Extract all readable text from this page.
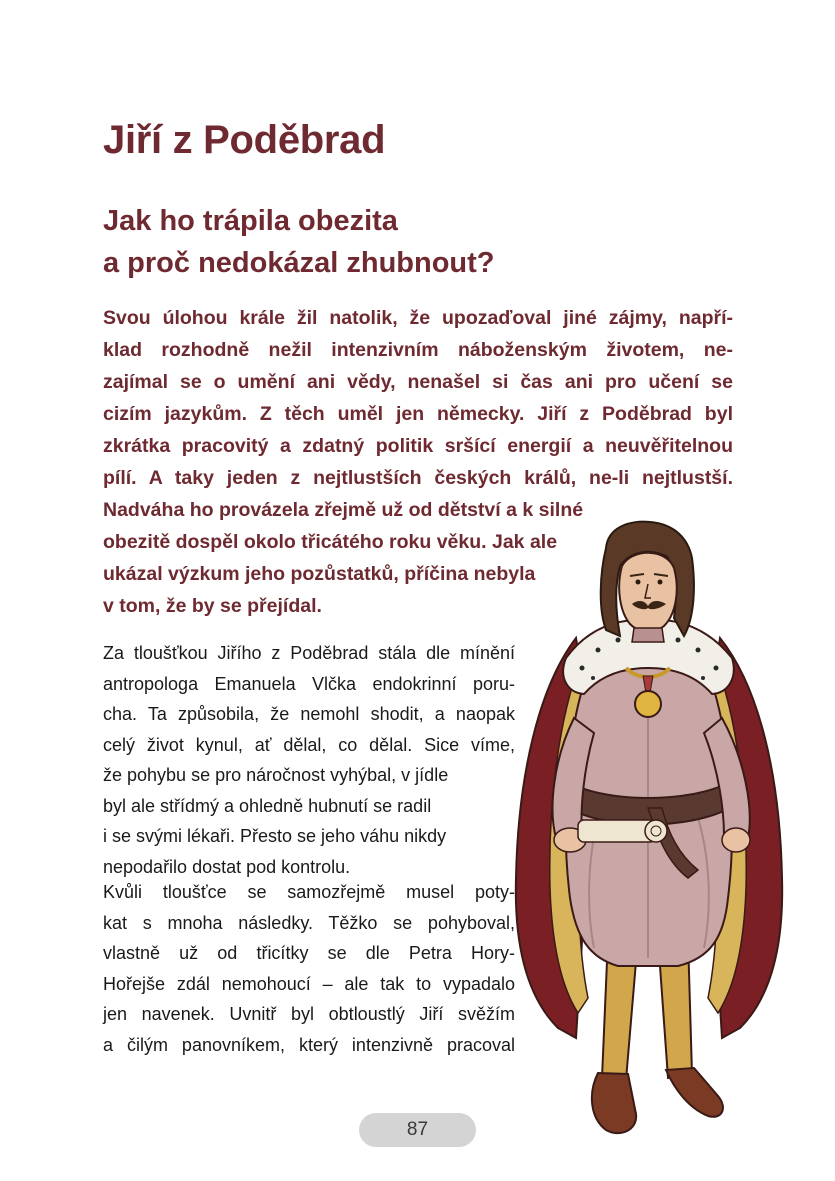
Jiří z Poděbrad
Jak ho trápila obezita
a proč nedokázal zhubnout?
Svou úlohou krále žil natolik, že upozaďoval jiné zájmy, napří-
klad rozhodně nežil intenzivním náboženským životem, ne-
zajímal se o umění ani vědy, nenašel si čas ani pro učení se
cizím jazykům. Z těch uměl jen německy. Jiří z Poděbrad byl
zkrátka pracovitý a zdatný politik sršící energií a neuvěřitelnou
pílí. A taky jeden z nejtlustších českých králů, ne-li nejtlustší.
Nadváha ho provázela zřejmě už od dětství a k silné
obezitě dospěl okolo třicátého roku věku. Jak ale
ukázal výzkum jeho pozůstatků, příčina nebyla
v tom, že by se přejídal.
Za tloušťkou Jiřího z Poděbrad stála dle mínění
antropologa Emanuela Vlčka endokrinní poru-
cha. Ta způsobila, že nemohl shodit, a naopak
celý život kynul, ať dělal, co dělal. Sice víme,
že pohybu se pro náročnost vyhýbal, v jídle
byl ale střídmý a ohledně hubnutí se radil
i se svými lékaři. Přesto se jeho váhu nikdy
nepodařilo dostat pod kontrolu.
Kvůli tloušťce se samozřejmě musel poty-
kat s mnoha následky. Těžko se pohyboval,
vlastně už od třicítky se dle Petra Hory-
Hořejše zdál nemohoucí – ale tak to vypadalo
jen navenek. Uvnitř byl obtloustlý Jiří svěžím
a čilým panovníkem, který intenzivně pracoval
87
